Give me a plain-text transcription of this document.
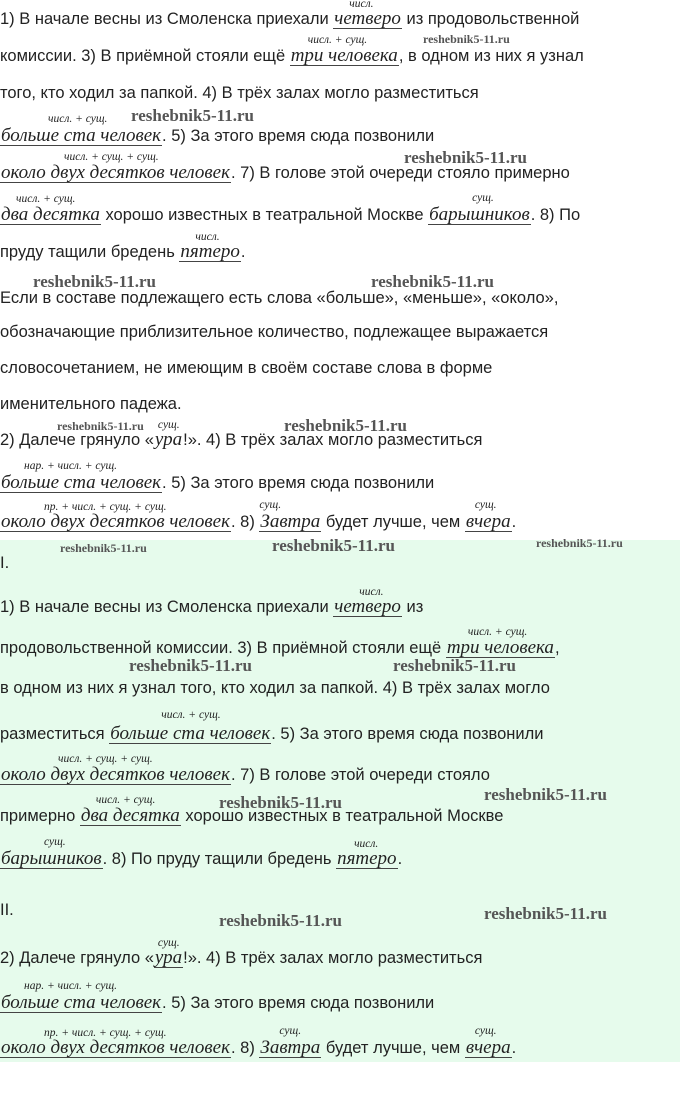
1) В начале весны из Смоленска приехали четверо
числ.
из продовольственной
комиссии. 3) В приёмной стояли ещё три человека
числ. + сущ.
, в одном из них я узнал
того, кто ходил за папкой. 4) В трёх залах могло разместиться
больше ста человек
числ. + сущ.
. 5) За этого время сюда позвонили
около двух десятков человек
числ. + сущ. + сущ.
. 7) В голове этой очереди стояло примерно
два десятка
числ. + сущ.
хорошо известных в театральной Москве барышников
сущ.
. 8) По
пруду тащили бредень пятеро
числ.
.
Если в составе подлежащего есть слова «больше», «меньше», «около»,
обозначающие приблизительное количество, подлежащее выражается
словосочетанием, не имеющим в своём составе слова в форме
именительного падежа.
2) Далече грянуло «ура
сущ.
!». 4) В трёх залах могло разместиться
больше ста человек
нар. + числ. + сущ.
. 5) За этого время сюда позвонили
около двух десятков человек
пр. + числ. + сущ. + сущ.
. 8) Завтра
сущ.
будет лучше, чем вчера
сущ.
.
I.
1) В начале весны из Смоленска приехали четверо
числ.
из
продовольственной комиссии. 3) В приёмной стояли ещё три человека
числ. + сущ.
,
в одном из них я узнал того, кто ходил за папкой. 4) В трёх залах могло
разместиться больше ста человек
числ. + сущ.
. 5) За этого время сюда позвонили
около двух десятков человек
числ. + сущ. + сущ.
. 7) В голове этой очереди стояло
примерно два десятка
числ. + сущ.
хорошо известных в театральной Москве
барышников
сущ.
. 8) По пруду тащили бредень пятеро
числ.
.
II.
2) Далече грянуло «ура
сущ.
!». 4) В трёх залах могло разместиться
больше ста человек
нар. + числ. + сущ.
. 5) За этого время сюда позвонили
около двух десятков человек
пр. + числ. + сущ. + сущ.
. 8) Завтра
сущ.
будет лучше, чем вчера
сущ.
.
reshebnik5-11.ru
reshebnik5-11.ru
reshebnik5-11.ru
reshebnik5-11.ru	reshebnik5-11.ru
reshebnik5-11.ru	reshebnik5-11.ru
reshebnik5-11.ru	reshebnik5-11.ru	reshebnik5-11.ru
reshebnik5-11.ru	reshebnik5-11.ru
reshebnik5-11.ru	reshebnik5-11.ru
reshebnik5-11.ru	reshebnik5-11.ru
